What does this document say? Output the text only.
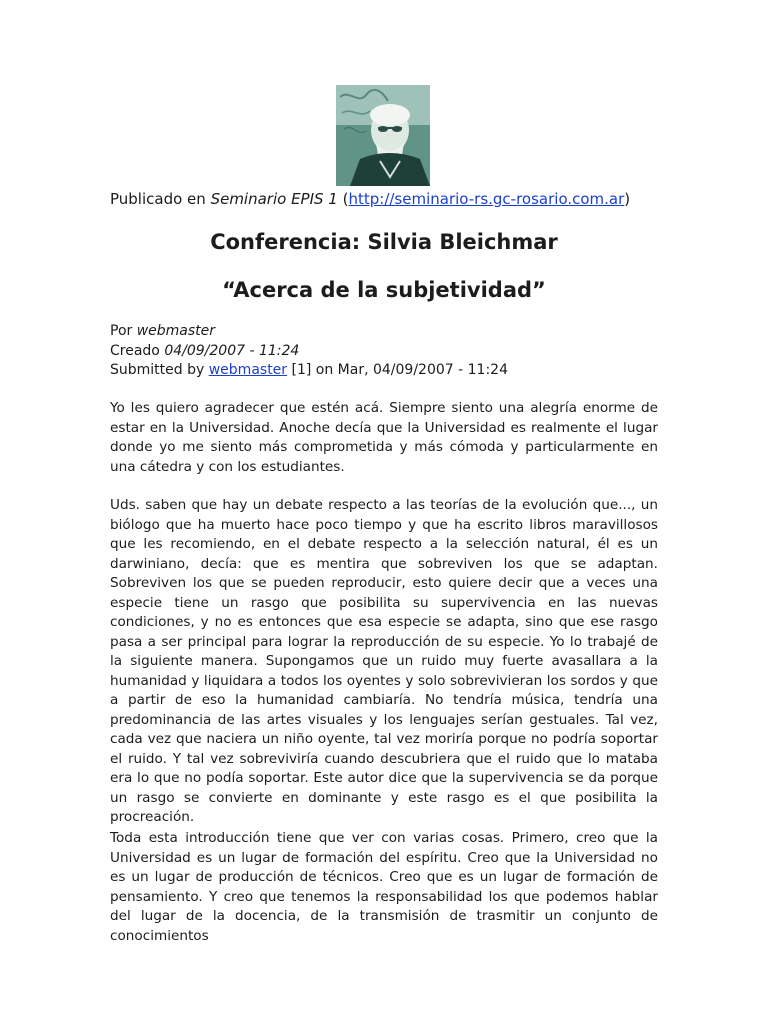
Publicado en Seminario EPIS 1 (http://seminario-rs.gc-rosario.com.ar)
Conferencia: Silvia Bleichmar
“Acerca de la subjetividad”
Por webmaster
Creado 04/09/2007 - 11:24
Submitted by webmaster [1] on Mar, 04/09/2007 - 11:24

Yo les quiero agradecer que estén acá. Siempre siento una alegría enorme de estar en la Universidad. Anoche decía que la Universidad es realmente el lugar donde yo me siento más comprometida y más cómoda y particularmente en una cátedra y con los estudiantes.

Uds. saben que hay un debate respecto a las teorías de la evolución que..., un biólogo que ha muerto hace poco tiempo y que ha escrito libros maravillosos que les recomiendo, en el debate respecto a la selección natural, él es un darwiniano, decía: que es mentira que sobreviven los que se adaptan. Sobreviven los que se pueden reproducir, esto quiere decir que a veces una especie tiene un rasgo que posibilita su supervivencia en las nuevas condiciones, y no es entonces que esa especie se adapta, sino que ese rasgo pasa a ser principal para lograr la reproducción de su especie. Yo lo trabajé de la siguiente manera. Supongamos que un ruido muy fuerte avasallara a la humanidad y liquidara a todos los oyentes y solo sobrevivieran los sordos y que a partir de eso la humanidad cambiaría. No tendría música, tendría una predominancia de las artes visuales y los lenguajes serían gestuales. Tal vez, cada vez que naciera un niño oyente, tal vez moriría porque no podría soportar el ruido. Y tal vez sobreviviría cuando descubriera que el ruido que lo mataba era lo que no podía soportar. Este autor dice que la supervivencia se da porque un rasgo se convierte en dominante y este rasgo es el que posibilita la procreación.

Toda esta introducción tiene que ver con varias cosas. Primero, creo que la Universidad es un lugar de formación del espíritu. Creo que la Universidad no es un lugar de producción de técnicos. Creo que es un lugar de formación de pensamiento. Y creo que tenemos la responsabilidad los que podemos hablar del lugar de la docencia, de la transmisión de trasmitir un conjunto de conocimientos
